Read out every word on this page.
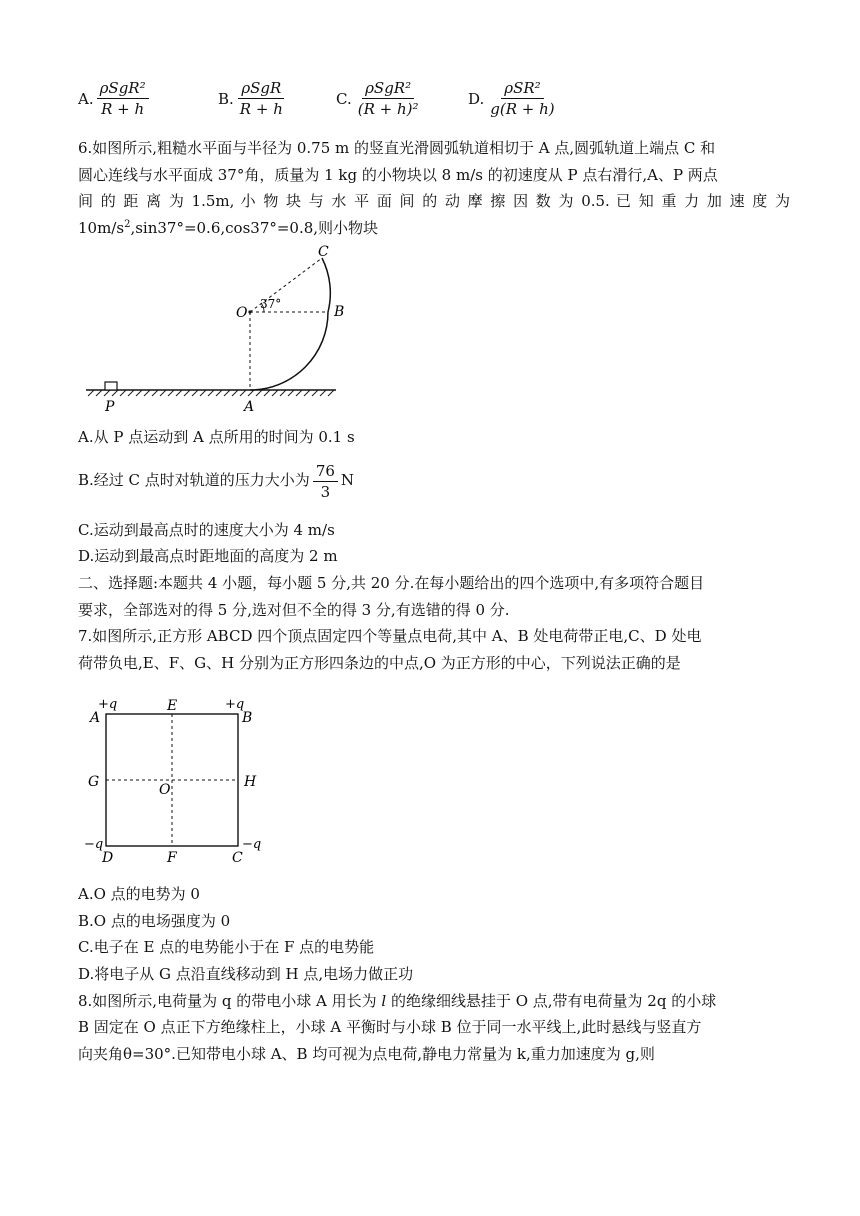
A. $\frac{\text{ρSgR²}}{R + h}$	B. $\frac{\text{ρSgR}}{R + h}$	C. $\frac{\text{ρSgR²}}{\text{(R + h)²}}$	D. $\frac{\text{ρSR²}}{g(R + h)}$
6.如图所示,粗糙水平面与半径为 0.75 m 的竖直光滑圆弧轨道相切于 A 点,圆弧轨道上端点 C 和
圆心连线与水平面成 37°角，质量为 1 kg 的小物块以 8 m/s 的初速度从 P 点右滑行,A、P 两点
间 的 距 离 为 1.5m, 小 物 块 与 水 平 面 间 的 动 摩 擦 因 数 为 0.5. 已 知 重 力 加 速 度 为
$10m/s^2,\sin 37^\circ=0.6,\cos 37^\circ=0.8$,则小物块
C
O
37°	B
P	A
A.从 P 点运动到 A 点所用的时间为 0.1 s
B.经过 C 点时对轨道的压力大小为 $\frac{76}{3}$ N
C.运动到最高点时的速度大小为 4 m/s
D.运动到最高点时距地面的高度为 2 m
二、选择题:本题共 4 小题，每小题 5 分,共 20 分.在每小题给出的四个选项中,有多项符合题目
要求，全部选对的得 5 分,选对但不全的得 3 分,有选错的得 0 分.
7.如图所示,正方形 ABCD 四个顶点固定四个等量点电荷,其中 A、B 处电荷带正电,C、D 处电
荷带负电,E、F、G、H 分别为正方形四条边的中点,O 为正方形的中心，下列说法正确的是
+q
A
E	+q
B
G	O	H
−q
D	F	C
−q
A.O 点的电势为 0
B.O 点的电场强度为 0
C.电子在 E 点的电势能小于在 F 点的电势能
D.将电子从 G 点沿直线移动到 H 点,电场力做正功
8.如图所示,电荷量为 q 的带电小球 A 用长为 l 的绝缘细线悬挂于 O 点,带有电荷量为 2q 的小球
B 固定在 O 点正下方绝缘柱上，小球 A 平衡时与小球 B 位于同一水平线上,此时悬线与竖直方
向夹角θ=30°.已知带电小球 A、B 均可视为点电荷,静电力常量为 k,重力加速度为 g,则
